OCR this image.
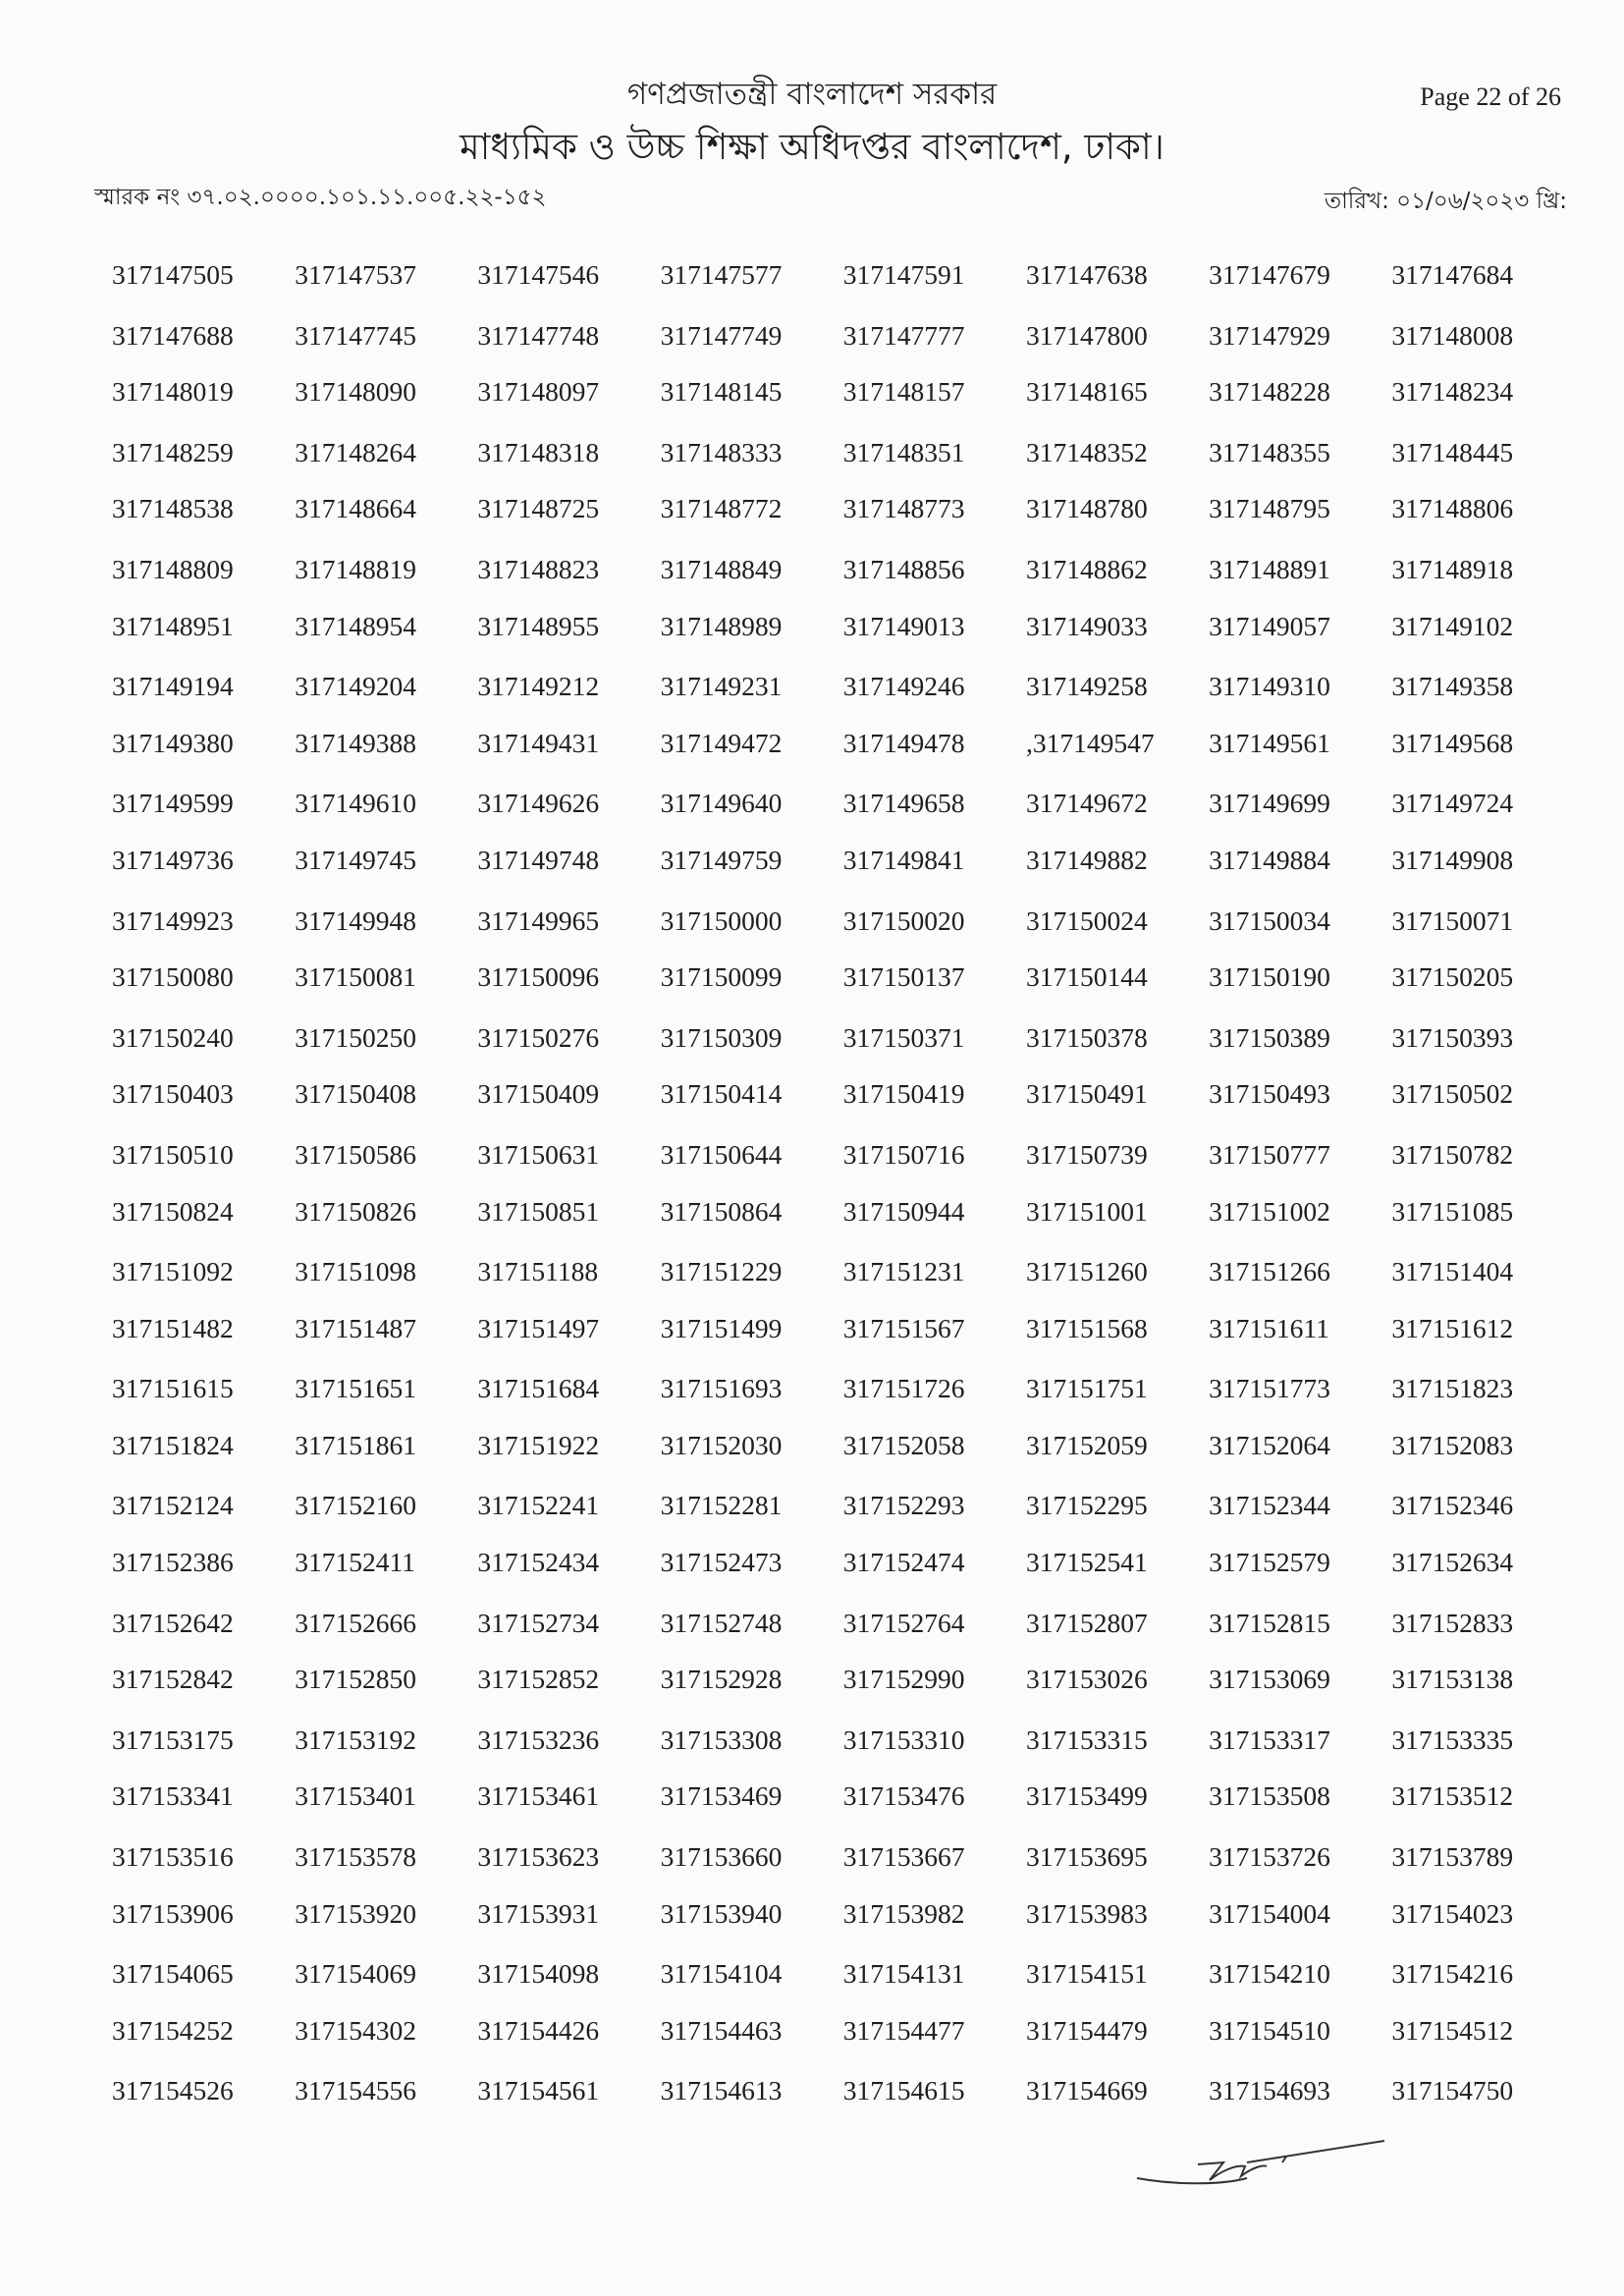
গণপ্রজাতন্ত্রী বাংলাদেশ সরকার
মাধ্যমিক ও উচ্চ শিক্ষা অধিদপ্তর বাংলাদেশ, ঢাকা।
Page 22 of 26
স্মারক নং ৩৭.০২.০০০০.১০১.১১.০০৫.২২-১৫২	তারিখ: ০১/০৬/২০২৩ খ্রি:
317147505	317147537	317147546	317147577	317147591	317147638	317147679	317147684
317147688	317147745	317147748	317147749	317147777	317147800	317147929	317148008
317148019	317148090	317148097	317148145	317148157	317148165	317148228	317148234
317148259	317148264	317148318	317148333	317148351	317148352	317148355	317148445
317148538	317148664	317148725	317148772	317148773	317148780	317148795	317148806
317148809	317148819	317148823	317148849	317148856	317148862	317148891	317148918
317148951	317148954	317148955	317148989	317149013	317149033	317149057	317149102
317149194	317149204	317149212	317149231	317149246	317149258	317149310	317149358
317149380	317149388	317149431	317149472	317149478	,317149547	317149561	317149568
317149599	317149610	317149626	317149640	317149658	317149672	317149699	317149724
317149736	317149745	317149748	317149759	317149841	317149882	317149884	317149908
317149923	317149948	317149965	317150000	317150020	317150024	317150034	317150071
317150080	317150081	317150096	317150099	317150137	317150144	317150190	317150205
317150240	317150250	317150276	317150309	317150371	317150378	317150389	317150393
317150403	317150408	317150409	317150414	317150419	317150491	317150493	317150502
317150510	317150586	317150631	317150644	317150716	317150739	317150777	317150782
317150824	317150826	317150851	317150864	317150944	317151001	317151002	317151085
317151092	317151098	317151188	317151229	317151231	317151260	317151266	317151404
317151482	317151487	317151497	317151499	317151567	317151568	317151611	317151612
317151615	317151651	317151684	317151693	317151726	317151751	317151773	317151823
317151824	317151861	317151922	317152030	317152058	317152059	317152064	317152083
317152124	317152160	317152241	317152281	317152293	317152295	317152344	317152346
317152386	317152411	317152434	317152473	317152474	317152541	317152579	317152634
317152642	317152666	317152734	317152748	317152764	317152807	317152815	317152833
317152842	317152850	317152852	317152928	317152990	317153026	317153069	317153138
317153175	317153192	317153236	317153308	317153310	317153315	317153317	317153335
317153341	317153401	317153461	317153469	317153476	317153499	317153508	317153512
317153516	317153578	317153623	317153660	317153667	317153695	317153726	317153789
317153906	317153920	317153931	317153940	317153982	317153983	317154004	317154023
317154065	317154069	317154098	317154104	317154131	317154151	317154210	317154216
317154252	317154302	317154426	317154463	317154477	317154479	317154510	317154512
317154526	317154556	317154561	317154613	317154615	317154669	317154693	317154750
